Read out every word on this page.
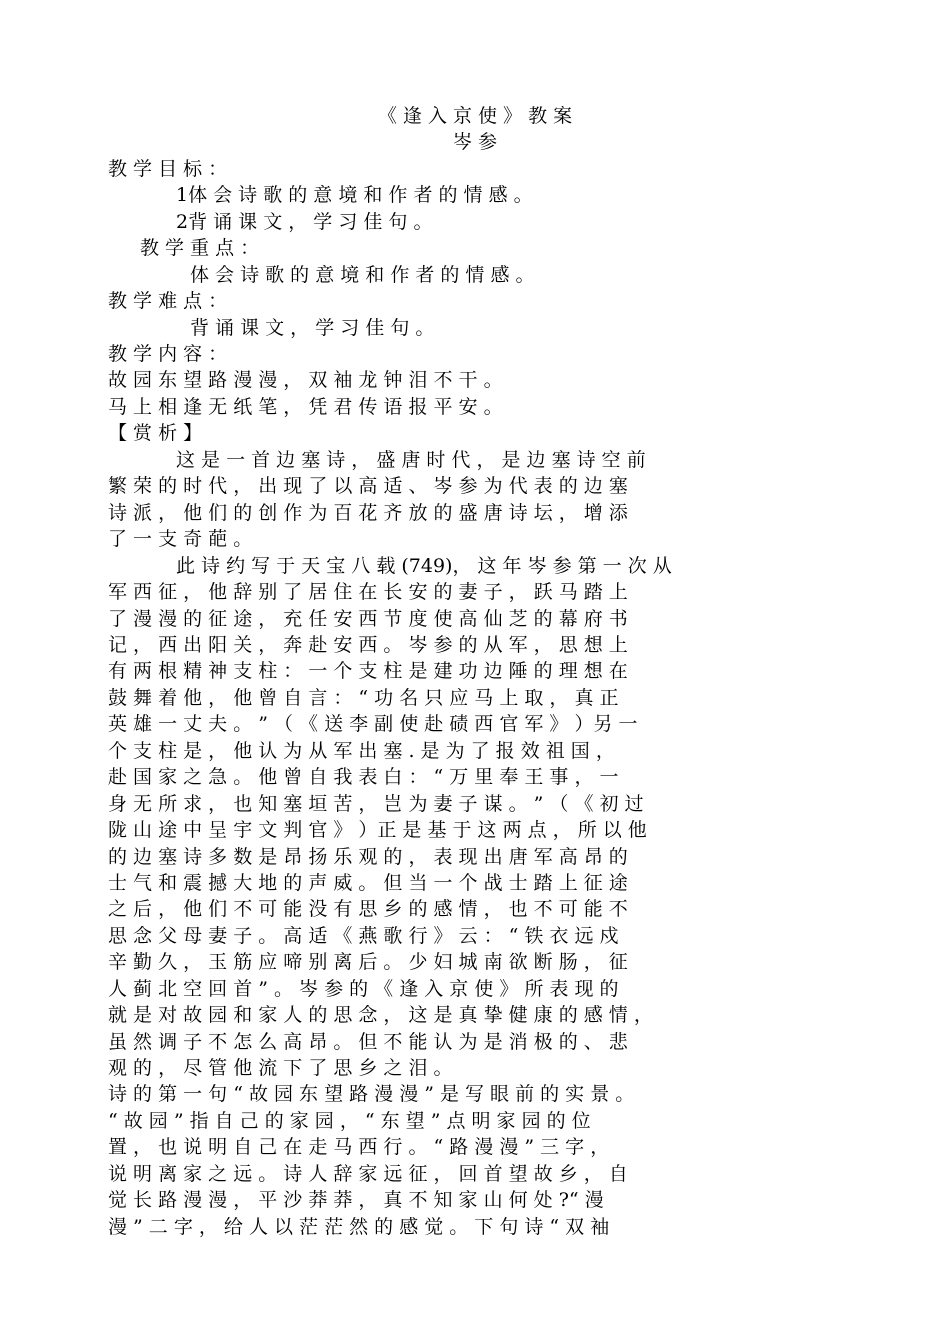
《 逢 入 京 使 》 教 案
岑 参
教 学 目 标 ：
1体 会 诗 歌 的 意 境 和 作 者 的 情 感 。
2背 诵 课 文 ， 学 习 佳 句 。
教 学 重 点 ：
体 会 诗 歌 的 意 境 和 作 者 的 情 感 。
教 学 难 点 ：
背 诵 课 文 ， 学 习 佳 句 。
教 学 内 容 ：
故 园 东 望 路 漫 漫 ， 双 袖 龙 钟 泪 不 干 。
马 上 相 逢 无 纸 笔 ， 凭 君 传 语 报 平 安 。
【 赏 析 】
这 是 一 首 边 塞 诗 ， 盛 唐 时 代 ， 是 边 塞 诗 空 前
繁 荣 的 时 代 ， 出 现 了 以 高 适 、 岑 参 为 代 表 的 边 塞
诗 派 ， 他 们 的 创 作 为 百 花 齐 放 的 盛 唐 诗 坛 ， 增 添
了 一 支 奇 葩 。
此 诗 约 写 于 天 宝 八 载 (749)， 这 年 岑 参 第 一 次 从
军 西 征 ， 他 辞 别 了 居 住 在 长 安 的 妻 子 ， 跃 马 踏 上
了 漫 漫 的 征 途 ， 充 任 安 西 节 度 使 高 仙 芝 的 幕 府 书
记 ， 西 出 阳 关 ， 奔 赴 安 西 。 岑 参 的 从 军 ， 思 想 上
有 两 根 精 神 支 柱 ： 一 个 支 柱 是 建 功 边 陲 的 理 想 在
鼓 舞 着 他 ， 他 曾 自 言 ： “ 功 名 只 应 马 上 取 ， 真 正
英 雄 一 丈 夫 。 ” （ 《 送 李 副 使 赴 碛 西 官 军 》 ）另 一
个 支 柱 是 ， 他 认 为 从 军 出 塞 . 是 为 了 报 效 祖 国 ，
赴 国 家 之 急 。 他 曾 自 我 表 白 ： “ 万 里 奉 王 事 ， 一
身 无 所 求 ， 也 知 塞 垣 苦 ， 岂 为 妻 子 谋 。 ” （ 《 初 过
陇 山 途 中 呈 宇 文 判 官 》 ）正 是 基 于 这 两 点 ， 所 以 他
的 边 塞 诗 多 数 是 昂 扬 乐 观 的 ， 表 现 出 唐 军 高 昂 的
士 气 和 震 撼 大 地 的 声 威 。 但 当 一 个 战 士 踏 上 征 途
之 后 ， 他 们 不 可 能 没 有 思 乡 的 感 情 ， 也 不 可 能 不
思 念 父 母 妻 子 。 高 适 《 燕 歌 行 》 云 ： “ 铁 衣 远 戍
辛 勤 久 ， 玉 筋 应 啼 别 离 后 。 少 妇 城 南 欲 断 肠 ， 征
人 蓟 北 空 回 首 ” 。 岑 参 的 《 逢 入 京 使 》 所 表 现 的
就 是 对 故 园 和 家 人 的 思 念 ， 这 是 真 挚 健 康 的 感 情 ，
虽 然 调 子 不 怎 么 高 昂 。 但 不 能 认 为 是 消 极 的 、 悲
观 的 ， 尽 管 他 流 下 了 思 乡 之 泪 。
诗 的 第 一 句 “ 故 园 东 望 路 漫 漫 ” 是 写 眼 前 的 实 景 。
“ 故 园 ” 指 自 己 的 家 园 ， “ 东 望 ” 点 明 家 园 的 位
置 ， 也 说 明 自 己 在 走 马 西 行 。 “ 路 漫 漫 ” 三 字 ，
说 明 离 家 之 远 。 诗 人 辞 家 远 征 ， 回 首 望 故 乡 ， 自
觉 长 路 漫 漫 ， 平 沙 莽 莽 ， 真 不 知 家 山 何 处 ?“ 漫
漫 ” 二 字 ， 给 人 以 茫 茫 然 的 感 觉 。 下 句 诗 “ 双 袖
